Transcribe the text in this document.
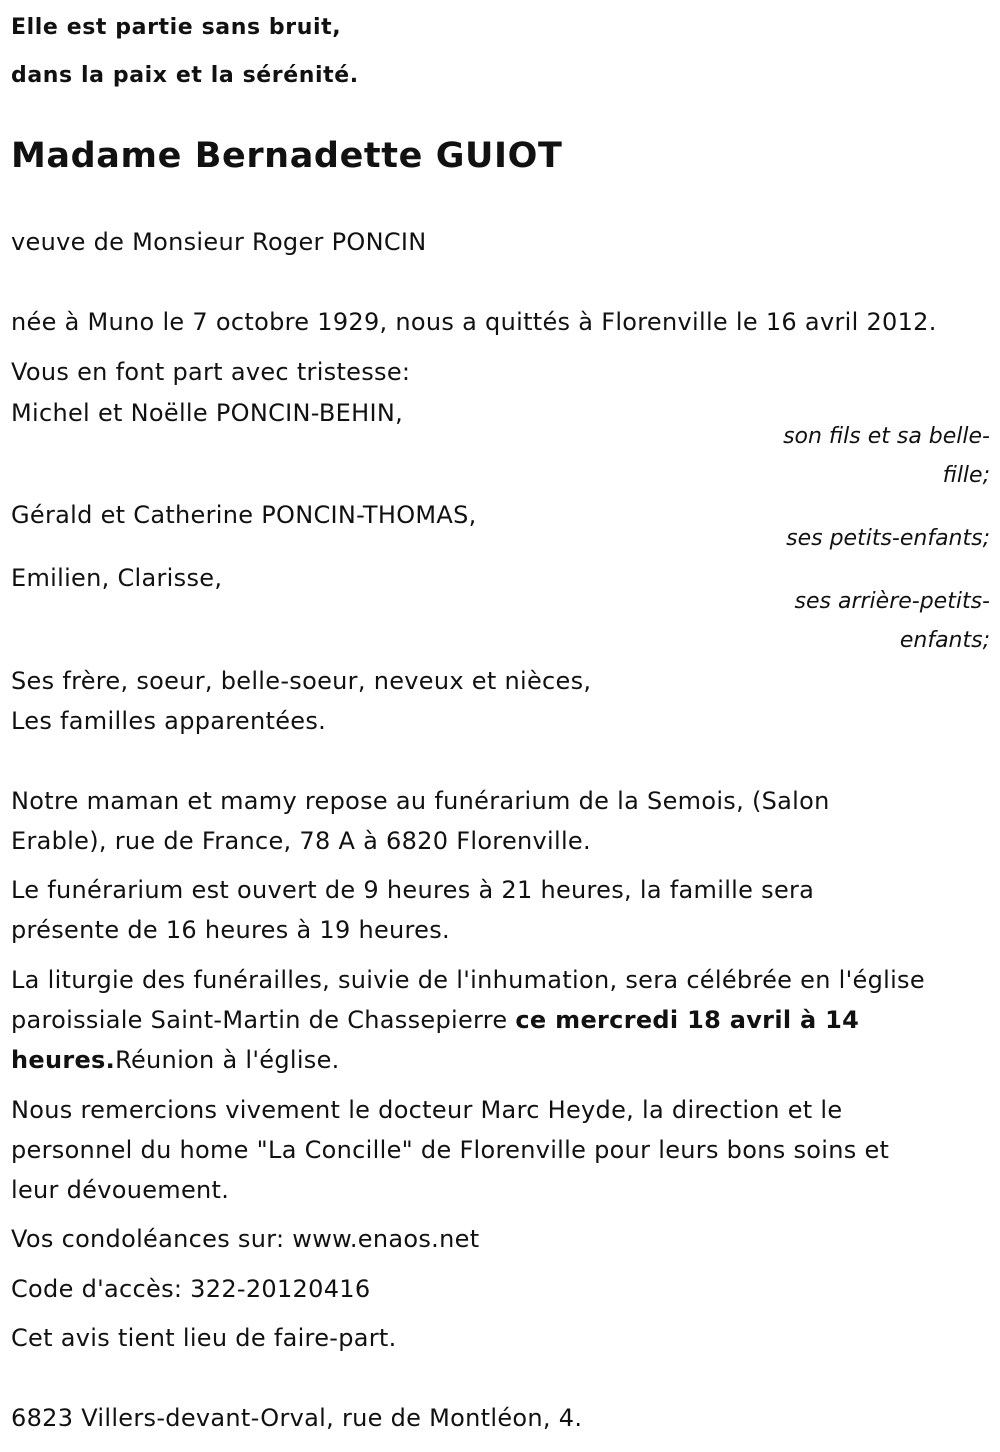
Elle est partie sans bruit,
dans la paix et la sérénité.
Madame Bernadette GUIOT
veuve de Monsieur Roger PONCIN
née à Muno le 7 octobre 1929, nous a quittés à Florenville le 16 avril 2012.
Vous en font part avec tristesse:
Michel et Noëlle PONCIN-BEHIN,
son fils et sa belle-
fille;
Gérald et Catherine PONCIN-THOMAS,
ses petits-enfants;
Emilien, Clarisse,
ses arrière-petits-
enfants;
Ses frère, soeur, belle-soeur, neveux et nièces,
Les familles apparentées.
Notre maman et mamy repose au funérarium de la Semois, (Salon
Erable), rue de France, 78 A à 6820 Florenville.
Le funérarium est ouvert de 9 heures à 21 heures, la famille sera
présente de 16 heures à 19 heures.
La liturgie des funérailles, suivie de l'inhumation, sera célébrée en l'église
paroissiale Saint-Martin de Chassepierre ce mercredi 18 avril à 14
heures.Réunion à l'église.
Nous remercions vivement le docteur Marc Heyde, la direction et le
personnel du home "La Concille" de Florenville pour leurs bons soins et
leur dévouement.
Vos condoléances sur: www.enaos.net
Code d'accès: 322-20120416
Cet avis tient lieu de faire-part.
6823 Villers-devant-Orval, rue de Montléon, 4.
